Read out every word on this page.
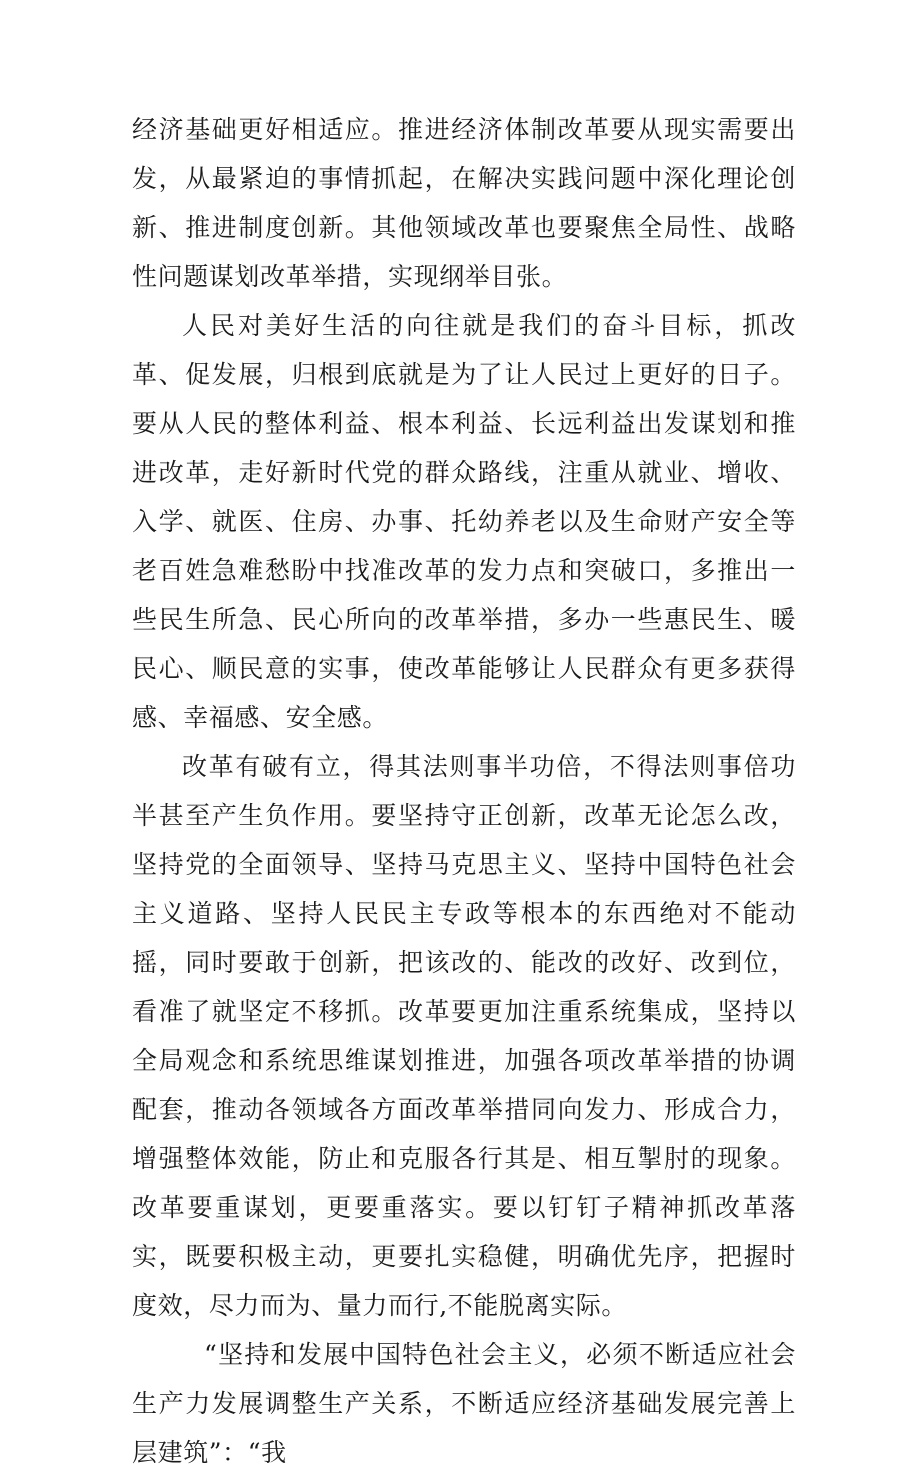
经济基础更好相适应。推进经济体制改革要从现实需要出发，从最紧迫的事情抓起，在解决实践问题中深化理论创新、推进制度创新。其他领域改革也要聚焦全局性、战略性问题谋划改革举措，实现纲举目张。

人民对美好生活的向往就是我们的奋斗目标，抓改革、促发展，归根到底就是为了让人民过上更好的日子。要从人民的整体利益、根本利益、长远利益出发谋划和推进改革，走好新时代党的群众路线，注重从就业、增收、入学、就医、住房、办事、托幼养老以及生命财产安全等老百姓急难愁盼中找准改革的发力点和突破口，多推出一些民生所急、民心所向的改革举措，多办一些惠民生、暖民心、顺民意的实事，使改革能够让人民群众有更多获得感、幸福感、安全感。

改革有破有立，得其法则事半功倍，不得法则事倍功半甚至产生负作用。要坚持守正创新，改革无论怎么改，坚持党的全面领导、坚持马克思主义、坚持中国特色社会主义道路、坚持人民民主专政等根本的东西绝对不能动摇，同时要敢于创新，把该改的、能改的改好、改到位，看准了就坚定不移抓。改革要更加注重系统集成，坚持以全局观念和系统思维谋划推进，加强各项改革举措的协调配套，推动各领域各方面改革举措同向发力、形成合力，增强整体效能，防止和克服各行其是、相互掣肘的现象。改革要重谋划，更要重落实。要以钉钉子精神抓改革落实，既要积极主动，更要扎实稳健，明确优先序，把握时度效，尽力而为、量力而行,不能脱离实际。

“坚持和发展中国特色社会主义，必须不断适应社会生产力发展调整生产关系，不断适应经济基础发展完善上层建筑”：“我
